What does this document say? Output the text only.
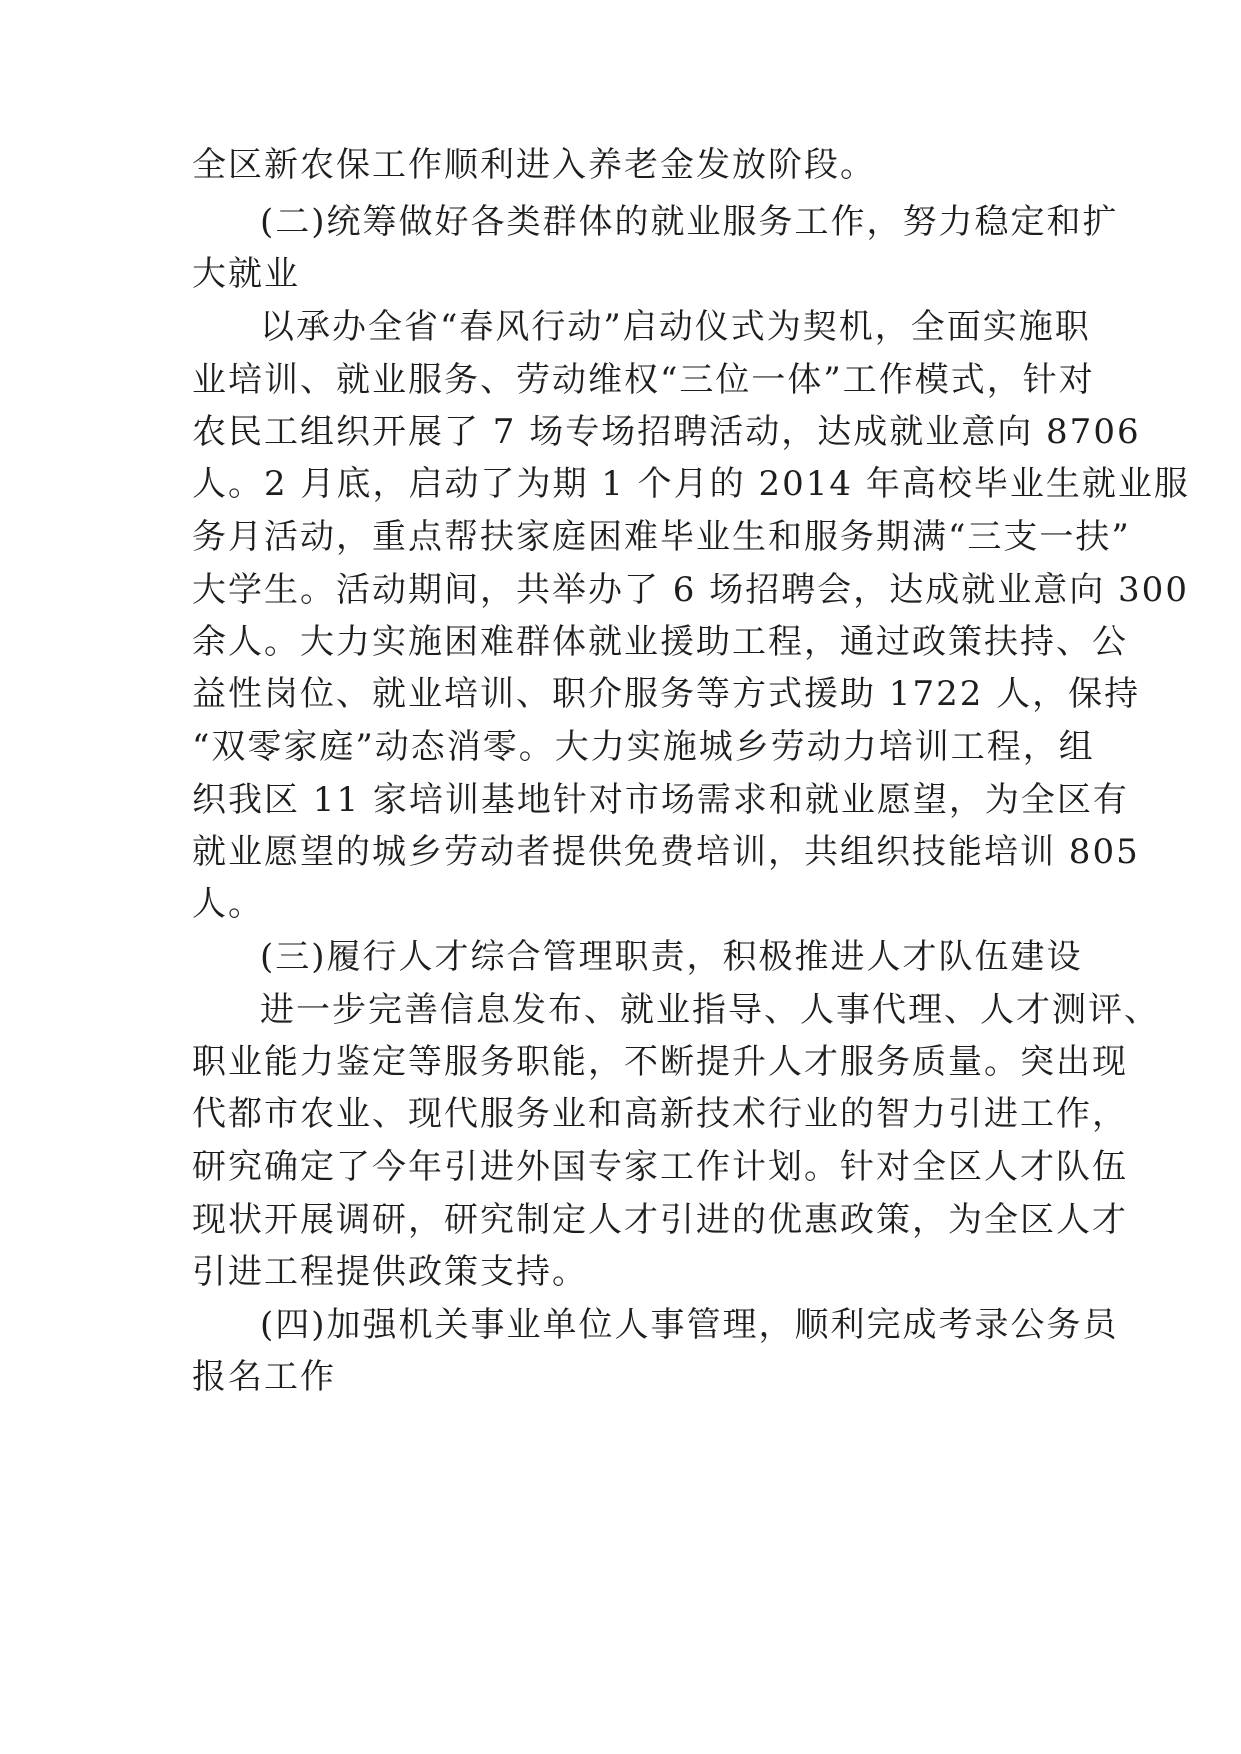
全区新农保工作顺利进入养老金发放阶段。
(二)统筹做好各类群体的就业服务工作，努力稳定和扩
大就业
以承办全省“春风行动”启动仪式为契机，全面实施职
业培训、就业服务、劳动维权“三位一体”工作模式，针对
农民工组织开展了 7 场专场招聘活动，达成就业意向 8706
人。2 月底，启动了为期 1 个月的 2014 年高校毕业生就业服
务月活动，重点帮扶家庭困难毕业生和服务期满“三支一扶”
大学生。活动期间，共举办了 6 场招聘会，达成就业意向 300
余人。大力实施困难群体就业援助工程，通过政策扶持、公
益性岗位、就业培训、职介服务等方式援助 1722 人，保持
“双零家庭”动态消零。大力实施城乡劳动力培训工程，组
织我区 11 家培训基地针对市场需求和就业愿望，为全区有
就业愿望的城乡劳动者提供免费培训，共组织技能培训 805
人。
(三)履行人才综合管理职责，积极推进人才队伍建设
进一步完善信息发布、就业指导、人事代理、人才测评、
职业能力鉴定等服务职能，不断提升人才服务质量。突出现
代都市农业、现代服务业和高新技术行业的智力引进工作，
研究确定了今年引进外国专家工作计划。针对全区人才队伍
现状开展调研，研究制定人才引进的优惠政策，为全区人才
引进工程提供政策支持。
(四)加强机关事业单位人事管理，顺利完成考录公务员
报名工作
